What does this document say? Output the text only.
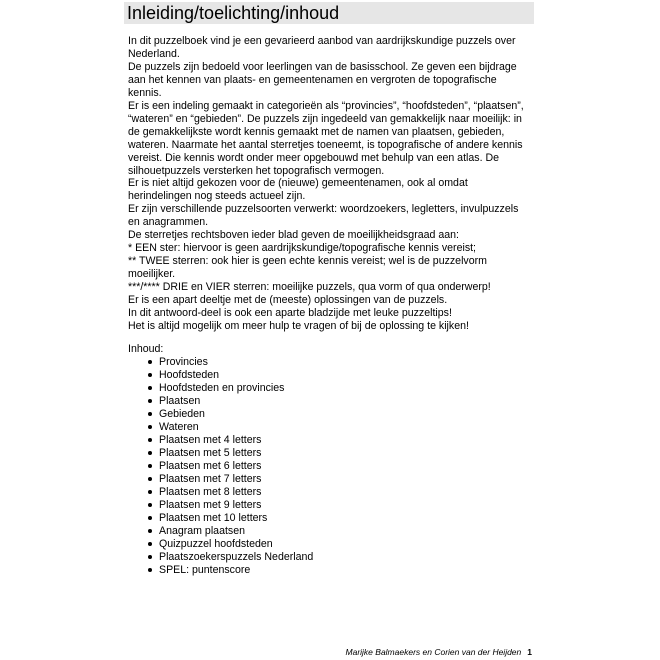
Inleiding/toelichting/inhoud

In dit puzzelboek vind je een gevarieerd aanbod van aardrijkskundige puzzels over

Nederland.

De puzzels zijn bedoeld voor leerlingen van de basisschool. Ze geven een bijdrage

aan het kennen van plaats- en gemeentenamen en vergroten de topografische

kennis.

Er is een indeling gemaakt in categorieën als “provincies”, “hoofdsteden”, “plaatsen”,

“wateren” en “gebieden”. De puzzels zijn ingedeeld van gemakkelijk naar moeilijk: in

de gemakkelijkste wordt kennis gemaakt met de namen van plaatsen, gebieden,

wateren. Naarmate het aantal sterretjes toeneemt, is topografische of andere kennis

vereist. Die kennis wordt onder meer opgebouwd met behulp van een atlas. De

silhouetpuzzels versterken het topografisch vermogen.

Er is niet altijd gekozen voor de (nieuwe) gemeentenamen, ook al omdat

herindelingen nog steeds actueel zijn.

Er zijn verschillende puzzelsoorten verwerkt: woordzoekers, legletters, invulpuzzels

en anagrammen.

De sterretjes rechtsboven ieder blad geven de moeilijkheidsgraad aan:

* EEN ster: hiervoor is geen aardrijkskundige/topografische kennis vereist;

** TWEE sterren: ook hier is geen echte kennis vereist; wel is de puzzelvorm

moeilijker.

***/**** DRIE en VIER sterren: moeilijke puzzels, qua vorm of qua onderwerp!

Er is een apart deeltje met de (meeste) oplossingen van de puzzels.

In dit antwoord-deel is ook een aparte bladzijde met leuke puzzeltips!

Het is altijd mogelijk om meer hulp te vragen of bij de oplossing te kijken!

Inhoud:

Provincies
Hoofdsteden
Hoofdsteden en provincies
Plaatsen
Gebieden
Wateren
Plaatsen met 4 letters
Plaatsen met 5 letters
Plaatsen met 6 letters
Plaatsen met 7 letters
Plaatsen met 8 letters
Plaatsen met 9 letters
Plaatsen met 10 letters
Anagram plaatsen
Quizpuzzel hoofdsteden
Plaatszoekerspuzzels Nederland
SPEL: puntenscore
Marijke Balmaekers en Corien van der Heijden 1
